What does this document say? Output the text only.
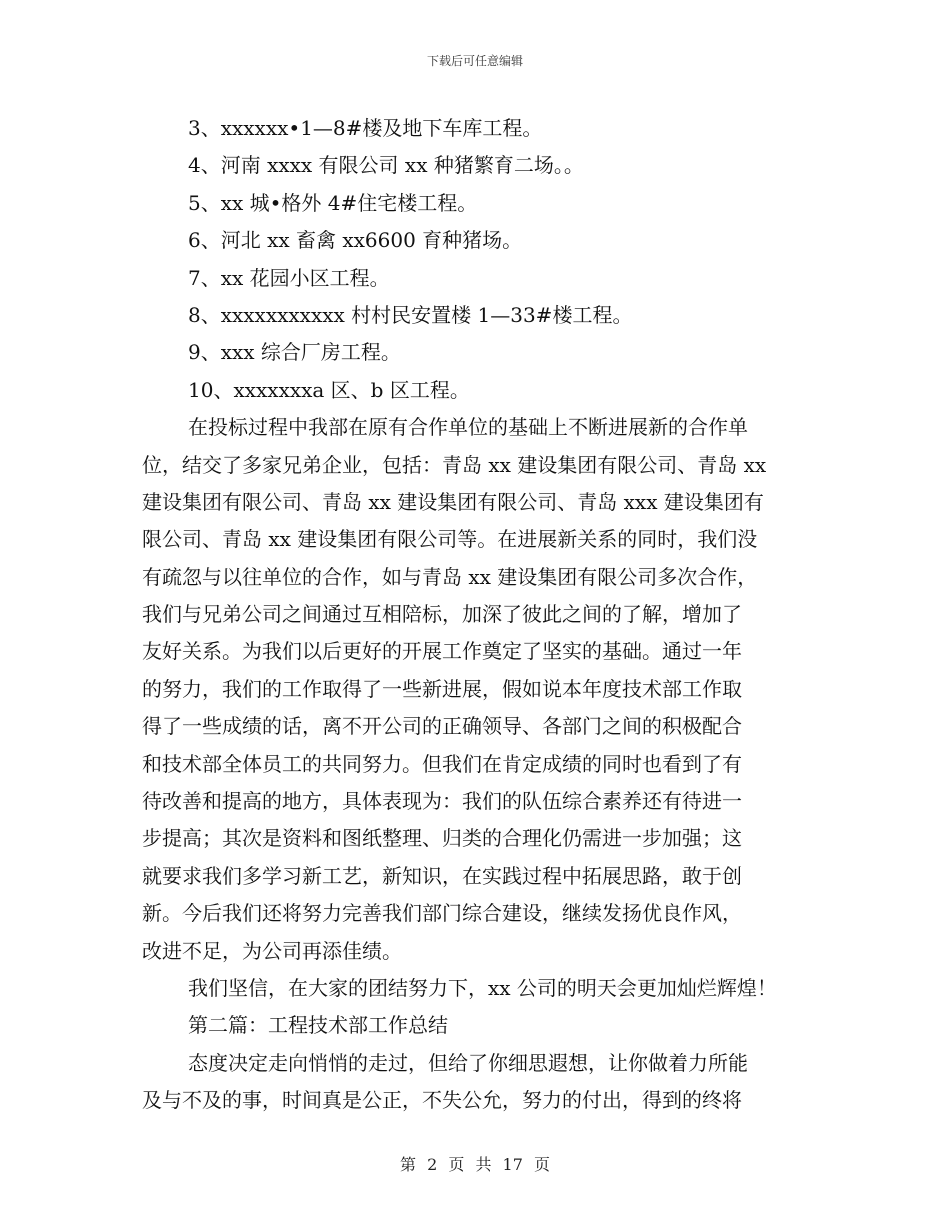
下载后可任意编辑
3、xxxxxx•1—8#楼及地下车库工程。
4、河南 xxxx 有限公司 xx 种猪繁育二场。。
5、xx 城•格外 4#住宅楼工程。
6、河北 xx 畜禽 xx6600 育种猪场。
7、xx 花园小区工程。
8、xxxxxxxxxxx 村村民安置楼 1—33#楼工程。
9、xxx 综合厂房工程。
10、xxxxxxxa 区、b 区工程。
在投标过程中我部在原有合作单位的基础上不断进展新的合作单
位，结交了多家兄弟企业，包括：青岛 xx 建设集团有限公司、青岛 xx
建设集团有限公司、青岛 xx 建设集团有限公司、青岛 xxx 建设集团有
限公司、青岛 xx 建设集团有限公司等。在进展新关系的同时，我们没
有疏忽与以往单位的合作，如与青岛 xx 建设集团有限公司多次合作，
我们与兄弟公司之间通过互相陪标，加深了彼此之间的了解，增加了
友好关系。为我们以后更好的开展工作奠定了坚实的基础。通过一年
的努力，我们的工作取得了一些新进展，假如说本年度技术部工作取
得了一些成绩的话，离不开公司的正确领导、各部门之间的积极配合
和技术部全体员工的共同努力。但我们在肯定成绩的同时也看到了有
待改善和提高的地方，具体表现为：我们的队伍综合素养还有待进一
步提高；其次是资料和图纸整理、归类的合理化仍需进一步加强；这
就要求我们多学习新工艺，新知识，在实践过程中拓展思路，敢于创
新。今后我们还将努力完善我们部门综合建设，继续发扬优良作风，
改进不足，为公司再添佳绩。
我们坚信，在大家的团结努力下，xx 公司的明天会更加灿烂辉煌！
第二篇：工程技术部工作总结
态度决定走向悄悄的走过，但给了你细思遐想，让你做着力所能
及与不及的事，时间真是公正，不失公允，努力的付出，得到的终将
第 2 页 共 17 页
